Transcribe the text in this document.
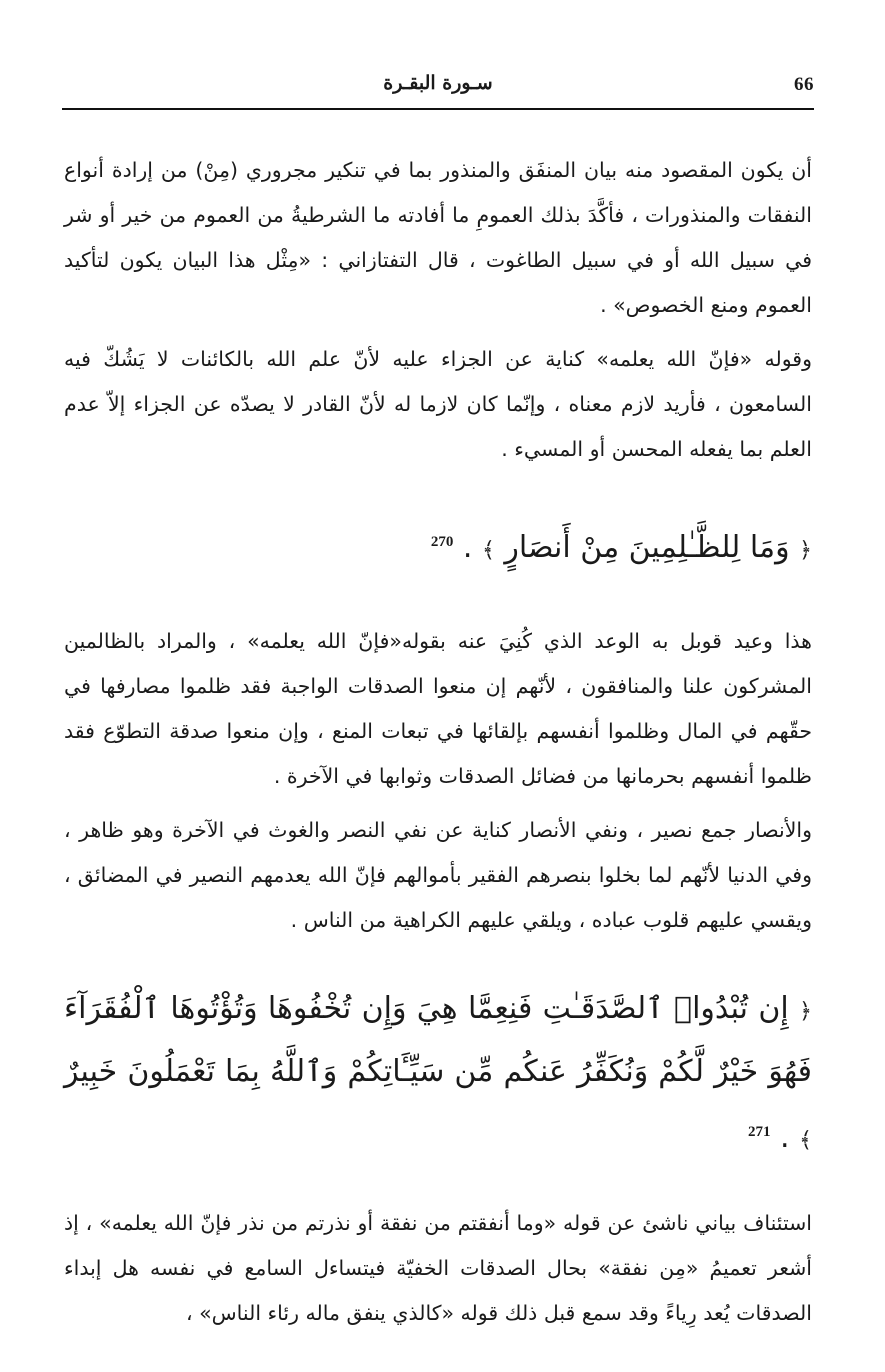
سـورة البقـرة	66

أن يكون المقصود منه بيان المنفَق والمنذور بما في تنكير مجروري (مِنْ) من إرادة أنواع النفقات والمنذورات ، فأكَّدَ بذلك العمومِ ما أفادته ما الشرطيةُ من العموم من خير أو شر في سبيل الله أو في سبيل الطاغوت ، قال التفتازاني : «مِثْل هذا البيان يكون لتأكيد العموم ومنع الخصوص» .

وقوله «فإنّ الله يعلمه» كناية عن الجزاء عليه لأنّ علم الله بالكائنات لا يَشُكّ فيه السامعون ، فأريد لازم معناه ، وإنّما كان لازما له لأنّ القادر لا يصدّه عن الجزاء إلاّ عدم العلم بما يفعله المحسن أو المسيء .

﴿ وَمَا لِلظَّـٰلِمِينَ مِنْ أَنصَارٍ ﴾ . $^{270}$

هذا وعيد قوبل به الوعد الذي كُنِيَ عنه بقوله«فإنّ الله يعلمه» ، والمراد بالظالمين المشركون علنا والمنافقون ، لأنّهم إن منعوا الصدقات الواجبة فقد ظلموا مصارفها في حقّهم في المال وظلموا أنفسهم بإلقائها في تبعات المنع ، وإن منعوا صدقة التطوّع فقد ظلموا أنفسهم بحرمانها من فضائل الصدقات وثوابها في الآخرة .

والأنصار جمع نصير ، ونفي الأنصار كناية عن نفي النصر والغوث في الآخرة وهو ظاهر ، وفي الدنيا لأنّهم لما بخلوا بنصرهم الفقير بأموالهم فإنّ الله يعدمهم النصير في المضائق ، ويقسي عليهم قلوب عباده ، ويلقي عليهم الكراهية من الناس .

﴿ إِن تُبْدُوا۟ ٱلصَّدَقَـٰتِ فَنِعِمَّا هِيَ وَإِن تُخْفُوهَا وَتُؤْتُوهَا ٱلْفُقَرَآءَ فَهُوَ خَيْرٌ لَّكُمْ وَنُكَفِّرُ عَنكُم مِّن سَيِّـَٔاتِكُمْ وَٱللَّهُ بِمَا تَعْمَلُونَ خَبِيرٌ ﴾ . $^{271}$

استئناف بياني ناشئ عن قوله «وما أنفقتم من نفقة أو نذرتم من نذر فإنّ الله يعلمه» ، إذ أشعر تعميمُ «مِن نفقة» بحال الصدقات الخفيّة فيتساءل السامع في نفسه هل إبداء الصدقات يُعد رِياءً وقد سمع قبل ذلك قوله «كالذي ينفق ماله رئاء الناس» ،
